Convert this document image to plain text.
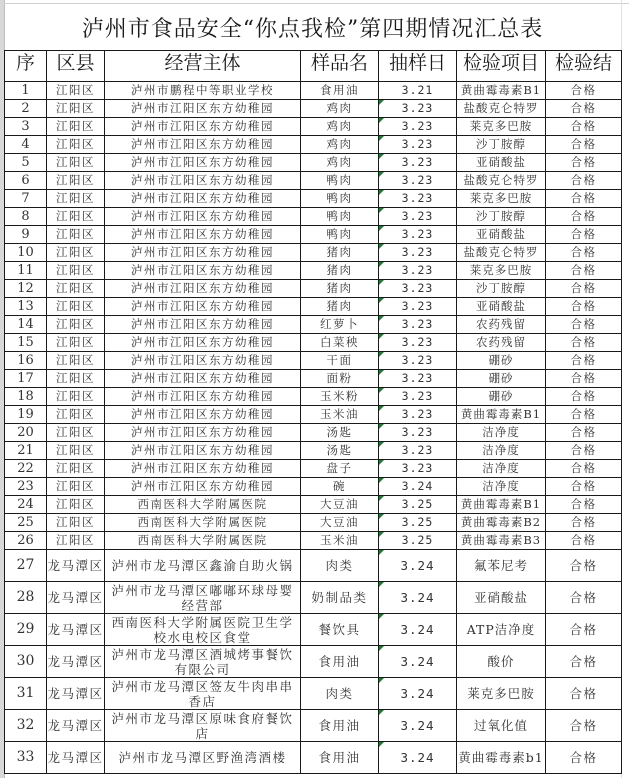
泸州市食品安全“你点我检”第四期情况汇总表
序	区县	经营主体	样品名	抽样日	检验项目	检验结
1	江阳区	泸州市鹏程中等职业学校	食用油	3.21	黄曲霉毒素B1	合格
2	江阳区	泸州市江阳区东方幼稚园	鸡肉	3.23	盐酸克仑特罗	合格
3	江阳区	泸州市江阳区东方幼稚园	鸡肉	3.23	莱克多巴胺	合格
4	江阳区	泸州市江阳区东方幼稚园	鸡肉	3.23	沙丁胺醇	合格
5	江阳区	泸州市江阳区东方幼稚园	鸡肉	3.23	亚硝酸盐	合格
6	江阳区	泸州市江阳区东方幼稚园	鸭肉	3.23	盐酸克仑特罗	合格
7	江阳区	泸州市江阳区东方幼稚园	鸭肉	3.23	莱克多巴胺	合格
8	江阳区	泸州市江阳区东方幼稚园	鸭肉	3.23	沙丁胺醇	合格
9	江阳区	泸州市江阳区东方幼稚园	鸭肉	3.23	亚硝酸盐	合格
10	江阳区	泸州市江阳区东方幼稚园	猪肉	3.23	盐酸克仑特罗	合格
11	江阳区	泸州市江阳区东方幼稚园	猪肉	3.23	莱克多巴胺	合格
12	江阳区	泸州市江阳区东方幼稚园	猪肉	3.23	沙丁胺醇	合格
13	江阳区	泸州市江阳区东方幼稚园	猪肉	3.23	亚硝酸盐	合格
14	江阳区	泸州市江阳区东方幼稚园	红萝卜	3.23	农药残留	合格
15	江阳区	泸州市江阳区东方幼稚园	白菜秧	3.23	农药残留	合格
16	江阳区	泸州市江阳区东方幼稚园	干面	3.23	硼砂	合格
17	江阳区	泸州市江阳区东方幼稚园	面粉	3.23	硼砂	合格
18	江阳区	泸州市江阳区东方幼稚园	玉米粉	3.23	硼砂	合格
19	江阳区	泸州市江阳区东方幼稚园	玉米油	3.23	黄曲霉毒素B1	合格
20	江阳区	泸州市江阳区东方幼稚园	汤匙	3.23	洁净度	合格
21	江阳区	泸州市江阳区东方幼稚园	汤匙	3.23	洁净度	合格
22	江阳区	泸州市江阳区东方幼稚园	盘子	3.23	洁净度	合格
23	江阳区	泸州市江阳区东方幼稚园	碗	3.24	洁净度	合格
24	江阳区	西南医科大学附属医院	大豆油	3.25	黄曲霉毒素B1	合格
25	江阳区	西南医科大学附属医院	大豆油	3.25	黄曲霉毒素B2	合格
26	江阳区	西南医科大学附属医院	玉米油	3.25	黄曲霉毒素B3	合格
27	龙马潭区	泸州市龙马潭区鑫渝自助火锅	肉类	3.24	氟苯尼考	合格
28	龙马潭区	泸州市龙马潭区嘟嘟环球母婴经营部	奶制品类	3.24	亚硝酸盐	合格
29	龙马潭区	西南医科大学附属医院卫生学校水电校区食堂	餐饮具	3.24	ATP洁净度	合格
30	龙马潭区	泸州市龙马潭区酒城烤事餐饮有限公司	食用油	3.24	酸价	合格
31	龙马潭区	泸州市龙马潭区签友牛肉串串香店	肉类	3.24	莱克多巴胺	合格
32	龙马潭区	泸州市龙马潭区原味食府餐饮店	食用油	3.24	过氧化值	合格
33	龙马潭区	泸州市龙马潭区野渔湾酒楼	食用油	3.24	黄曲霉毒素b1	合格
